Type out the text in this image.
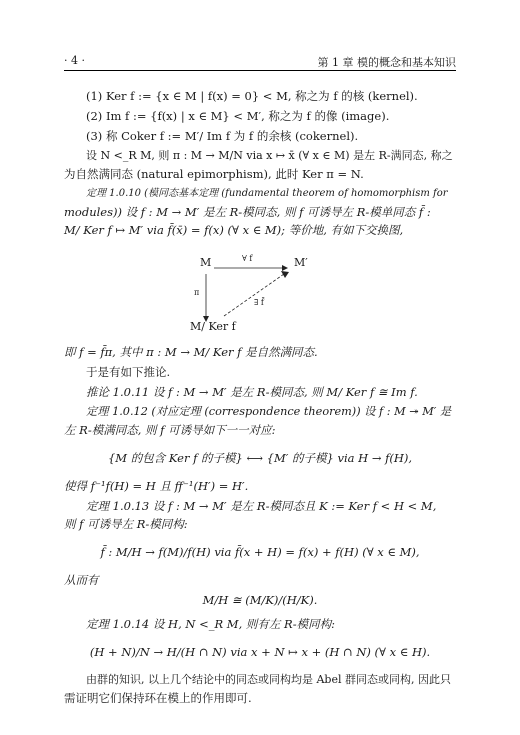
· 4 ·	第 1 章 模的概念和基本知识
(1) Ker f := {x ∈ M | f(x) = 0} < M, 称之为 f 的核 (kernel).
(2) Im f := {f(x) | x ∈ M} < M′, 称之为 f 的像 (image).
(3) 称 Coker f := M′/ Im f 为 f 的余核 (cokernel).
设 N <_R M, 则 π : M → M/N via x ↦ x̄ (∀ x ∈ M) 是左 R-满同态, 称之
为自然满同态 (natural epimorphism), 此时 Ker π = N.
定理 1.0.10 (模同态基本定理 (fundamental theorem of homomorphism for
modules)) 设 f : M → M′ 是左 R-模同态, 则 f 可诱导左 R-模单同态 f̄ :
M/ Ker f ↦ M′ via f̄(x̄) = f(x) (∀ x ∈ M); 等价地, 有如下交换图,
M	M′
M/ Ker f
∀ f
π
∃ f̄
即 f = f̄π, 其中 π : M → M/ Ker f 是自然满同态.
于是有如下推论.
推论 1.0.11 设 f : M → M′ 是左 R-模同态, 则 M/ Ker f ≅ Im f.
定理 1.0.12 (对应定理 (correspondence theorem)) 设 f : M ↠ M′ 是
左 R-模满同态, 则 f 可诱导如下一一对应:
{M 的包含 Ker f 的子模} ⟷ {M′ 的子模} via H → f(H),
使得 f⁻¹f(H) = H 且 ff⁻¹(H′) = H′.
定理 1.0.13 设 f : M → M′ 是左 R-模同态且 K := Ker f < H < M,
则 f 可诱导左 R-模同构:
f̄ : M/H → f(M)/f(H) via f̄(x + H) = f(x) + f(H) (∀ x ∈ M),
从而有
M/H ≅ (M/K)/(H/K).
定理 1.0.14 设 H, N <_R M, 则有左 R-模同构:
(H + N)/N → H/(H ∩ N) via x + N ↦ x + (H ∩ N) (∀ x ∈ H).
由群的知识, 以上几个结论中的同态或同构均是 Abel 群同态或同构, 因此只
需证明它们保持环在模上的作用即可.
